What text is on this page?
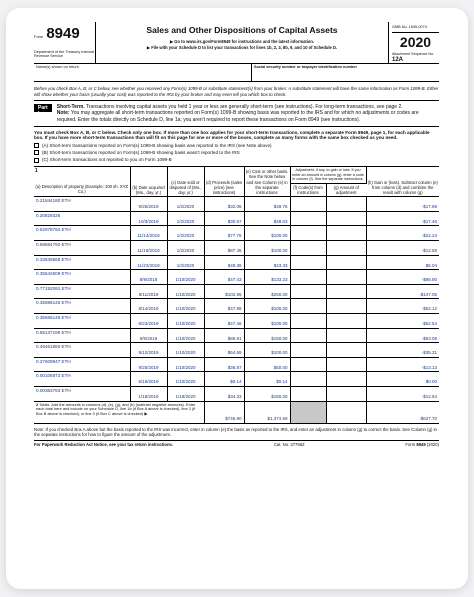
Form 8949
Department of the Treasury Internal Revenue Service
Sales and Other Dispositions of Capital Assets
▶ Go to www.irs.gov/Form8949 for instructions and the latest information.
▶ File with your Schedule D to list your transactions for lines 1b, 2, 3, 8b, 9, and 10 of Schedule D.
OMB No. 1545-0074
2020
Attachment Sequence No. 12A
Name(s) shown on return	Social security number or taxpayer identification number
Before you check Box A, B, or C below, see whether you received any Form(s) 1099-B or substitute statement(s) from your broker. A substitute statement will have the same information as Form 1099-B. Either will show whether your basis (usually your cost) was reported to the IRS by your broker and may even tell you which box to check.
Part I
Short-Term. Transactions involving capital assets you held 1 year or less are generally short-term (see instructions). For long-term transactions, see page 2.
Note: You may aggregate all short-term transactions reported on Form(s) 1099-B showing basis was reported to the IRS and for which no adjustments or codes are required. Enter the totals directly on Schedule D, line 1a; you aren't required to report these transactions on Form 8949 (see instructions).
You must check Box A, B, or C below. Check only one box. If more than one box applies for your short-term transactions, complete a separate Form 8949, page 1, for each applicable box. If you have more short-term transactions than will fit on this page for one or more of the boxes, complete as many forms with the same box checked as you need.
(A) Short-term transactions reported on Form(s) 1099-B showing basis was reported to the IRS (see Note above)
(B) Short-term transactions reported on Form(s) 1099-B showing basis wasn't reported to the IRS
(C) Short-term transactions not reported to you on Form 1099-B
1
(a) Description of property (Example: 100 sh. XYZ Co.)	(b) Date acquired (Mo., day, yr.)	(c) Date sold or disposed of (Mo., day, yr.)	(d) Proceeds (sales price) (see instructions)	(e) Cost or other basis. See the Note below and see Column (e) in the separate instructions	Adjustment, if any, to gain or loss. If you enter an amount in column (g), enter a code in column (f). See the separate instructions.		(h) Gain or (loss). Subtract column (e) from column (d) and combine the result with column (g)
					(f) Code(s) from instructions	(g) Amount of adjustment	
0.21844180 ETH	9/25/2019	1/2/2020	$32.06	$49.76			-$17.69
0.20829326	10/3/2019	1/2/2020	$30.57	$48.03			-$17.46
0.52978794 ETH	11/14/2019	1/2/2020	$77.76	$100.00			-$22.24
0.59584792 ETH	11/19/2019	1/2/2020	$87.45	$100.00			-$12.55
0.33639568 ETH	11/23/2019	1/2/2020	$49.38	$43.33			$6.04
0.35542609 ETH	8/9/2018	1/10/2020	$47.43	$133.23			-$85.80
0.77152091 ETH	8/11/2019	1/10/2020	$102.95	$250.00			-$147.05
0.35886146 ETH	8/14/2019	1/10/2020	$47.88	$100.00			-$52.12
0.35565146 ETH	8/23/2019	1/10/2020	$47.46	$100.00			-$52.54
0.65137199 ETH	9/9/2019	1/10/2020	$86.91	$150.00			-$63.09
0.48461850 ETH	9/12/2019	1/10/2020	$64.69	$100.00			-$35.31
0.27609947 ETH	9/25/2019	1/10/2020	$36.87	$50.00			-$13.13
0.00106873 ETH	6/16/2019	1/10/2020	$0.14	$0.14			$0.00
0.00363763 ETH	1/18/2019	1/18/2020	$34.33	$150.00			-$12.54
2 Totals. Add the amounts in columns (d), (e), (g), and (h) (subtract negative amounts). Enter each total here and include on your Schedule D, line 1b (if Box A above is checked), line 2 (if Box B above is checked), or line 3 (if Box C above is checked) ▶			$746.90	$1,374.59			-$627.70
Note: If you checked Box A above but the basis reported to the IRS was incorrect, enter in column (e) the basis as reported to the IRS, and enter an adjustment in column (g) to correct the basis. See Column (g) in the separate instructions for how to figure the amount of the adjustment.
For Paperwork Reduction Act Notice, see your tax return instructions.	Cat. No. 37768Z	Form 8949 (2020)
